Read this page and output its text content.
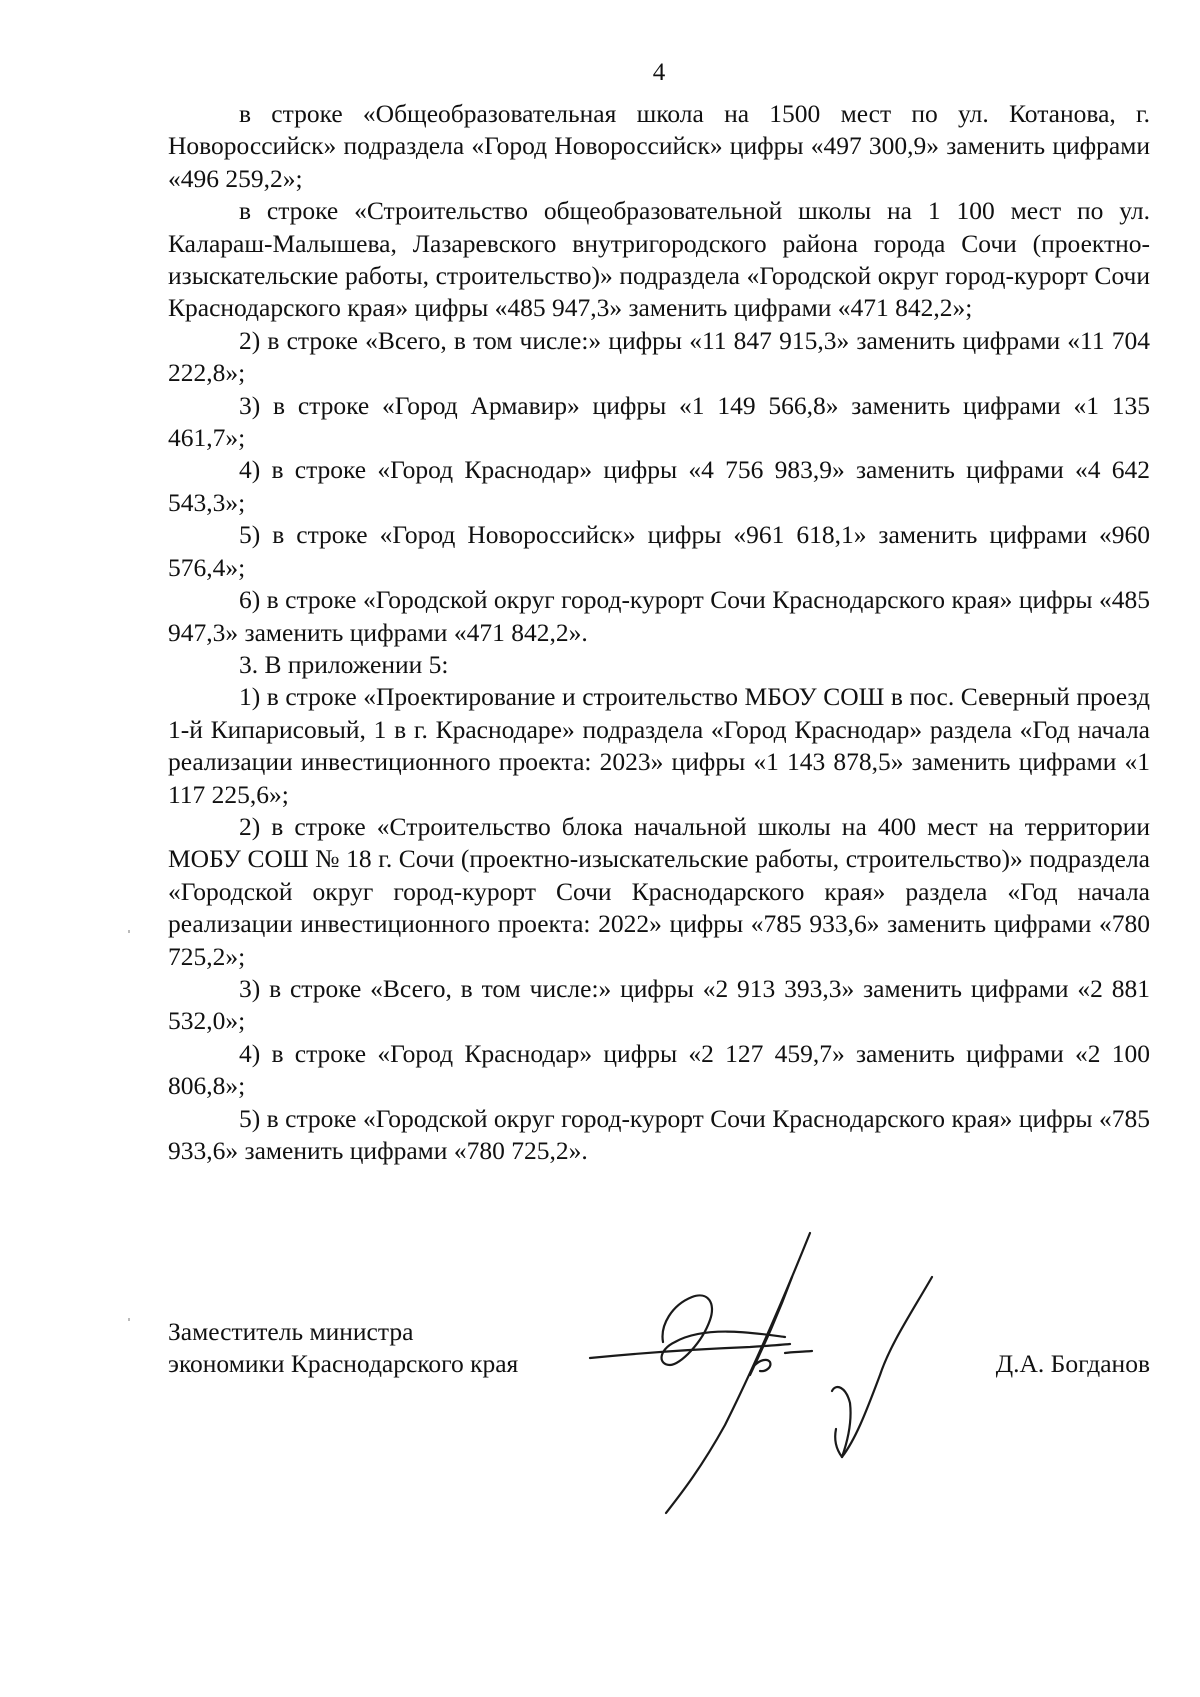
4

в строке «Общеобразовательная школа на 1500 мест по ул. Котанова, г. Новороссийск» подраздела «Город Новороссийск» цифры «497 300,9» заменить цифрами «496 259,2»;

в строке «Строительство общеобразовательной школы на 1 100 мест по ул. Калараш-Малышева, Лазаревского внутригородского района города Сочи (проектно-изыскательские работы, строительство)» подраздела «Городской округ город-курорт Сочи Краснодарского края» цифры «485 947,3» заменить цифрами «471 842,2»;

2) в строке «Всего, в том числе:» цифры «11 847 915,3» заменить цифрами «11 704 222,8»;

3) в строке «Город Армавир» цифры «1 149 566,8» заменить цифрами «1 135 461,7»;

4) в строке «Город Краснодар» цифры «4 756 983,9» заменить цифрами «4 642 543,3»;

5) в строке «Город Новороссийск» цифры «961 618,1» заменить цифрами «960 576,4»;

6) в строке «Городской округ город-курорт Сочи Краснодарского края» цифры «485 947,3» заменить цифрами «471 842,2».

3. В приложении 5:

1) в строке «Проектирование и строительство МБОУ СОШ в пос. Северный проезд 1-й Кипарисовый, 1 в г. Краснодаре» подраздела «Город Краснодар» раздела «Год начала реализации инвестиционного проекта: 2023» цифры «1 143 878,5» заменить цифрами «1 117 225,6»;

2) в строке «Строительство блока начальной школы на 400 мест на территории МОБУ СОШ № 18 г. Сочи (проектно-изыскательские работы, строительство)» подраздела «Городской округ город-курорт Сочи Краснодарского края» раздела «Год начала реализации инвестиционного проекта: 2022» цифры «785 933,6» заменить цифрами «780 725,2»;

3) в строке «Всего, в том числе:» цифры «2 913 393,3» заменить цифрами «2 881 532,0»;

4) в строке «Город Краснодар» цифры «2 127 459,7» заменить цифрами «2 100 806,8»;

5) в строке «Городской округ город-курорт Сочи Краснодарского края» цифры «785 933,6» заменить цифрами «780 725,2».

Заместитель министра
экономики Краснодарского края	Д.А. Богданов
